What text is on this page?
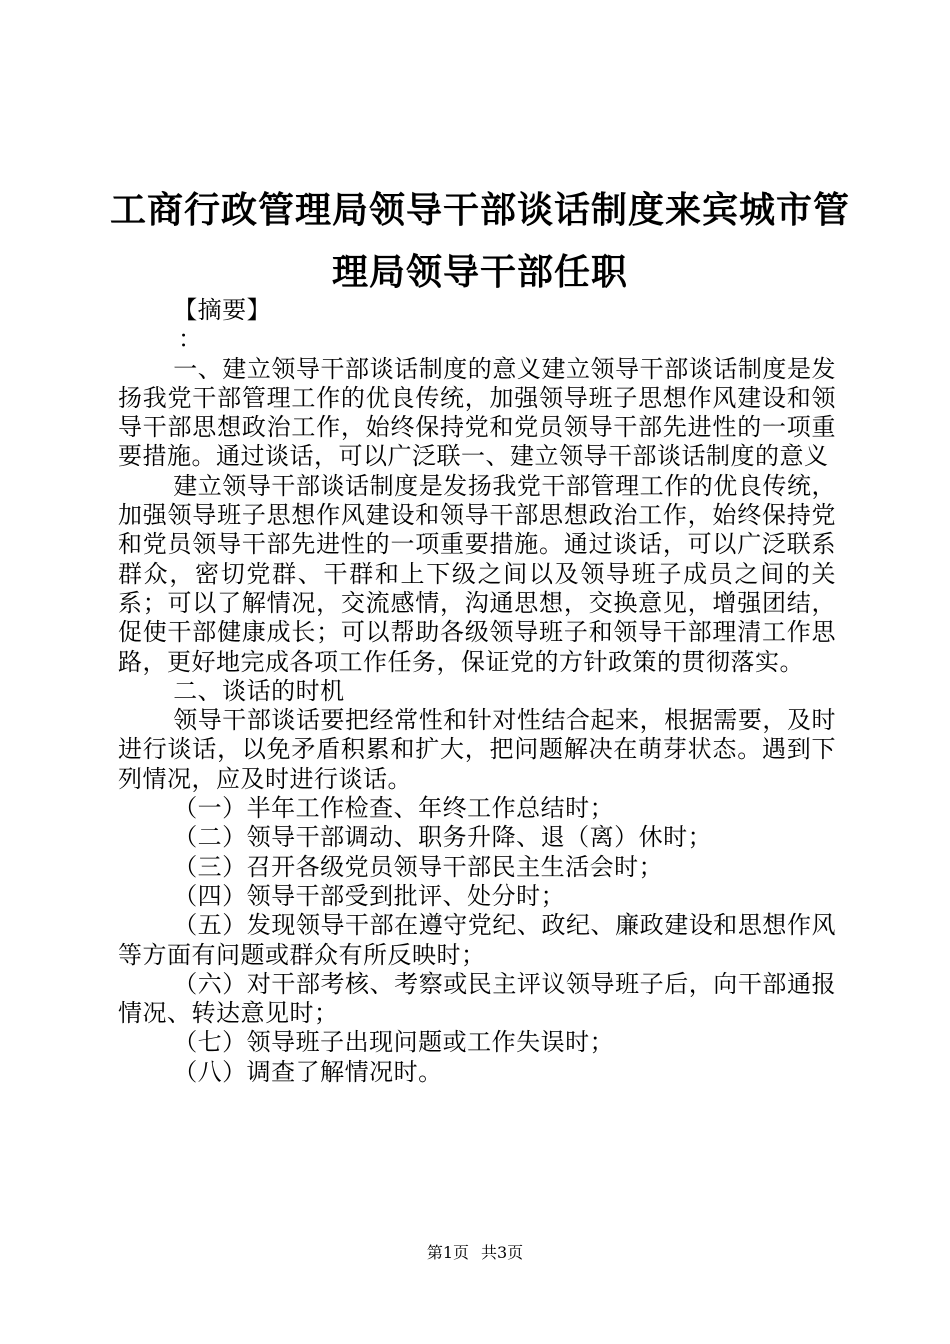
工商行政管理局领导干部谈话制度来宾城市管理局领导干部任职

【摘要】

：

一、建立领导干部谈话制度的意义建立领导干部谈话制度是发扬我党干部管理工作的优良传统，加强领导班子思想作风建设和领导干部思想政治工作，始终保持党和党员领导干部先进性的一项重要措施。通过谈话，可以广泛联一、建立领导干部谈话制度的意义

建立领导干部谈话制度是发扬我党干部管理工作的优良传统，加强领导班子思想作风建设和领导干部思想政治工作，始终保持党和党员领导干部先进性的一项重要措施。通过谈话，可以广泛联系群众，密切党群、干群和上下级之间以及领导班子成员之间的关系；可以了解情况，交流感情，沟通思想，交换意见，增强团结，促使干部健康成长；可以帮助各级领导班子和领导干部理清工作思路，更好地完成各项工作任务，保证党的方针政策的贯彻落实。

二、谈话的时机

领导干部谈话要把经常性和针对性结合起来，根据需要，及时进行谈话，以免矛盾积累和扩大，把问题解决在萌芽状态。遇到下列情况，应及时进行谈话。

（一）半年工作检查、年终工作总结时；

（二）领导干部调动、职务升降、退（离）休时；

（三）召开各级党员领导干部民主生活会时；

（四）领导干部受到批评、处分时；

（五）发现领导干部在遵守党纪、政纪、廉政建设和思想作风等方面有问题或群众有所反映时；

（六）对干部考核、考察或民主评议领导班子后，向干部通报情况、转达意见时；

（七）领导班子出现问题或工作失误时；

（八）调查了解情况时。

第1页 共3页
